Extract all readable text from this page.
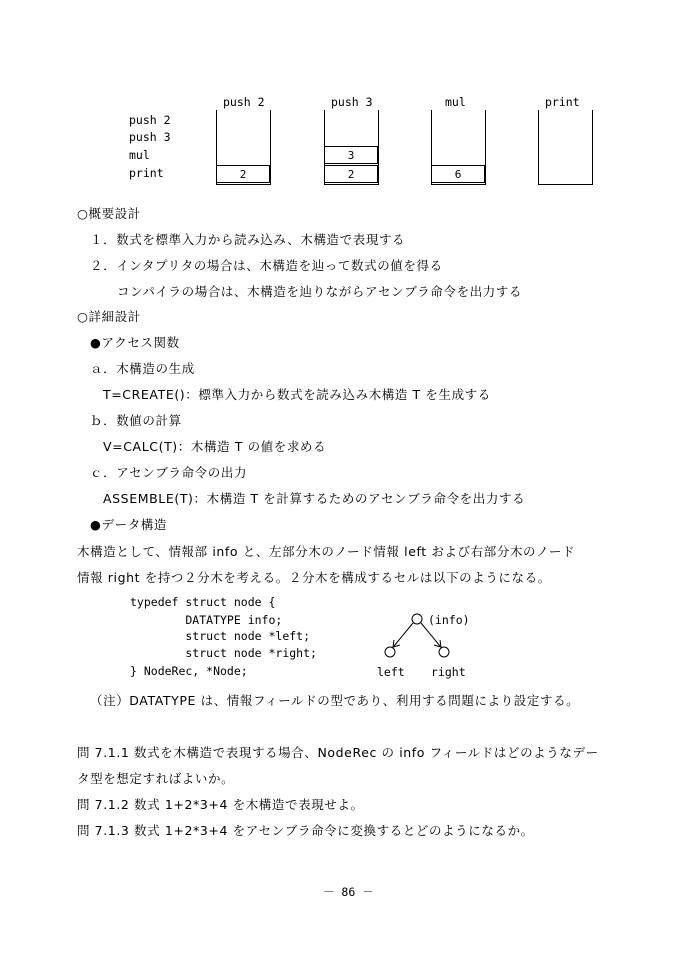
push 2	push 3	mul	print
push 2
push 3
mul
print	2
3
2	6
○概要設計
１．数式を標準入力から読み込み、木構造で表現する
２．インタプリタの場合は、木構造を辿って数式の値を得る
コンパイラの場合は、木構造を辿りながらアセンブラ命令を出力する
○詳細設計
●アクセス関数
ａ．木構造の生成
T=CREATE()：標準入力から数式を読み込み木構造 T を生成する
ｂ．数値の計算
V=CALC(T)：木構造 T の値を求める
ｃ．アセンブラ命令の出力
ASSEMBLE(T)：木構造 T を計算するためのアセンブラ命令を出力する
●データ構造
木構造として、情報部 info と、左部分木のノード情報 left および右部分木のノード
情報 right を持つ２分木を考える。２分木を構成するセルは以下のようになる。
typedef struct node {
DATATYPE info;
struct node *left;
struct node *right;
} NodeRec, *Node;
(info)
left right
（注）DATATYPE は、情報フィールドの型であり、利用する問題により設定する。
問 7.1.1 数式を木構造で表現する場合、NodeRec の info フィールドはどのようなデー
タ型を想定すればよいか。
問 7.1.2 数式 1+2*3+4 を木構造で表現せよ。
問 7.1.3 数式 1+2*3+4 をアセンブラ命令に変換するとどのようになるか。
－ 86 －
